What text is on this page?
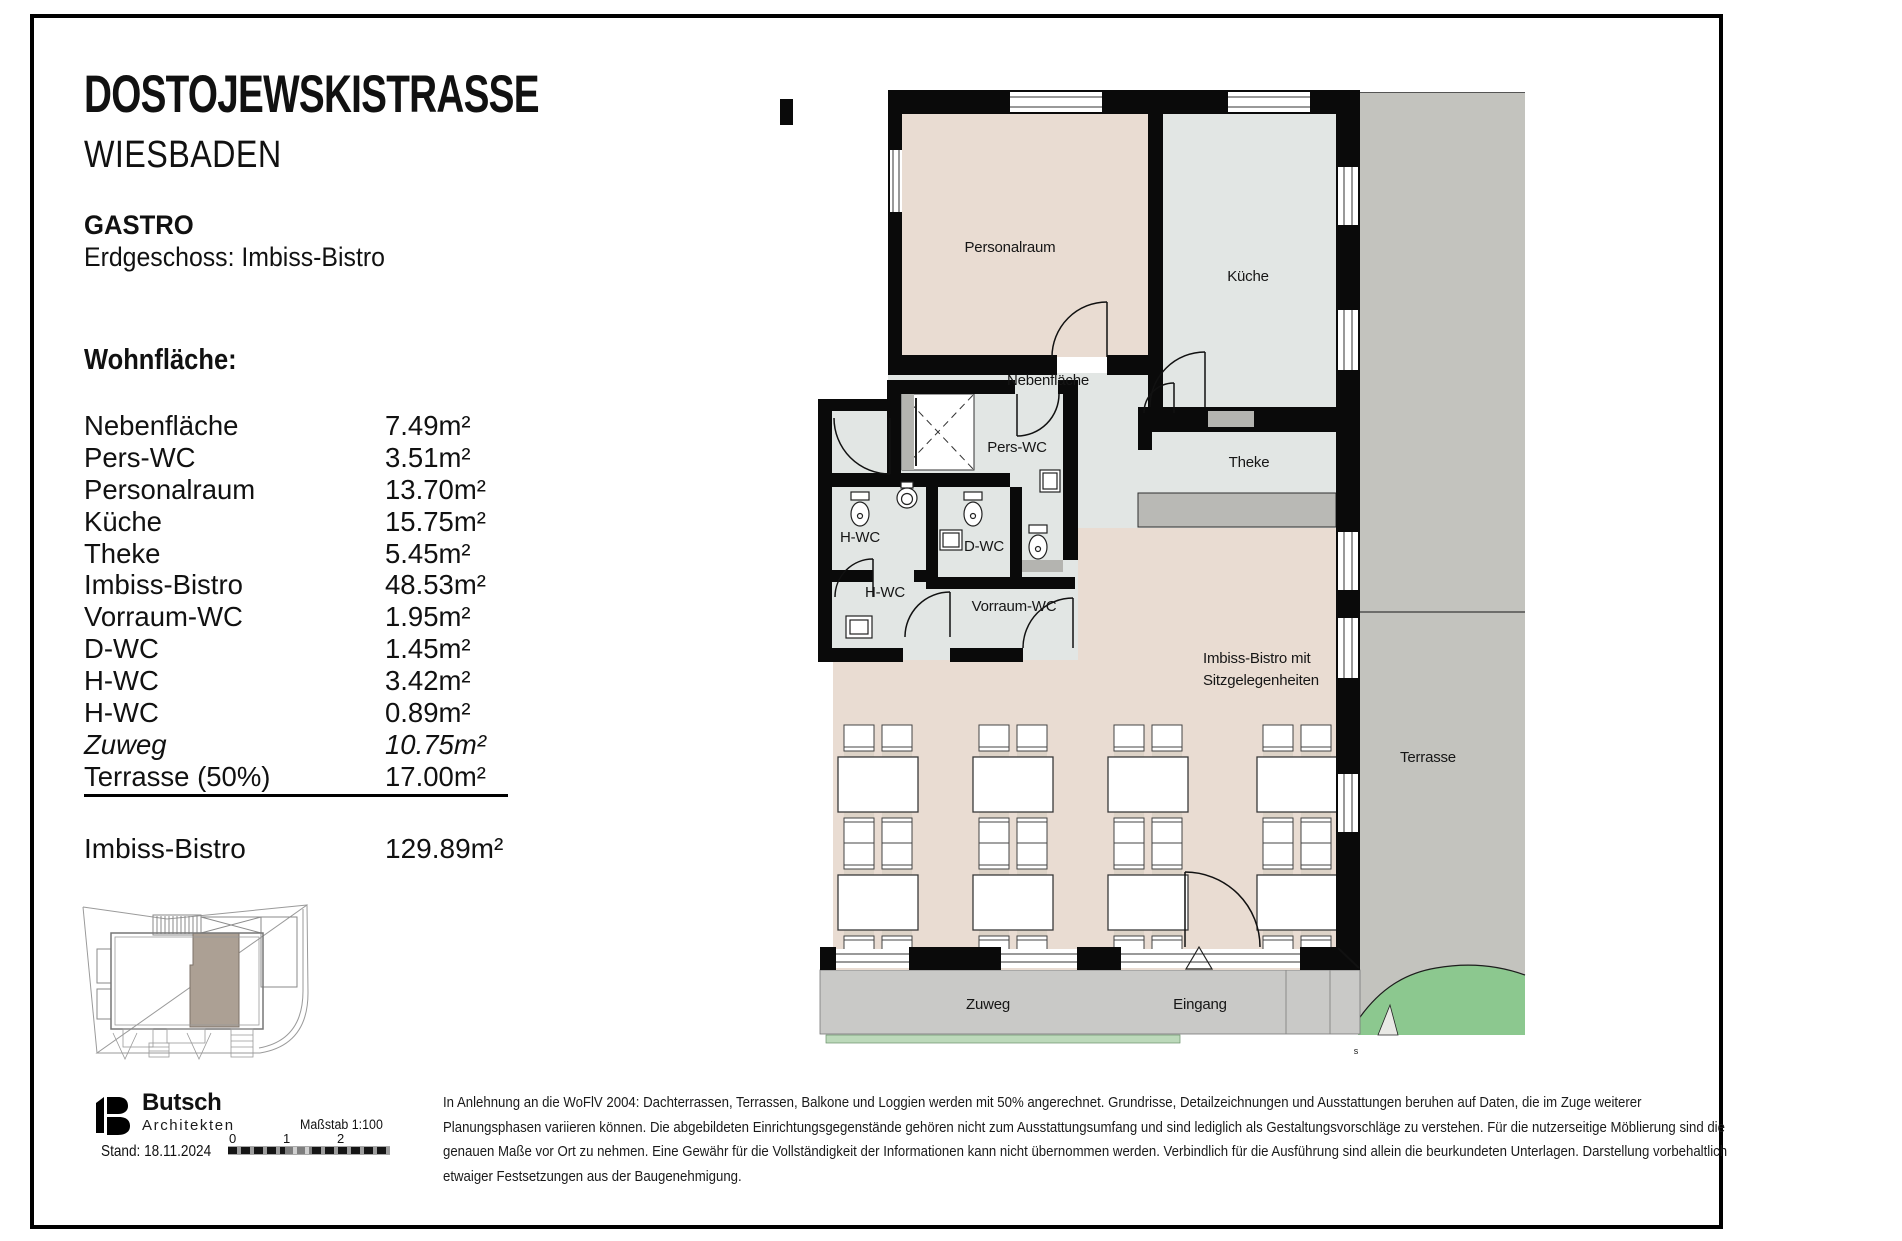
DOSTOJEWSKISTRASSE
WIESBADEN
GASTRO
Erdgeschoss: Imbiss-Bistro
Wohnfläche:
Nebenfläche	7.49m²
Pers-WC	3.51m²
Personalraum	13.70m²
Küche	15.75m²
Theke	5.45m²
Imbiss-Bistro	48.53m²
Vorraum-WC	1.95m²
D-WC	1.45m²
H-WC	3.42m²
H-WC	0.89m²
Zuweg	10.75m²
Terrasse (50%)	17.00m²
Imbiss-Bistro	129.89m²
Personalraum
Küche
Nebenfläche
Pers-WC
Theke
H-WC
D-WC
H-WC
Vorraum-WC
Imbiss-Bistro mit
Sitzgelegenheiten
Terrasse
Zuweg	Eingang
s
Butsch
Architekten
Stand: 18.11.2024
Maßstab 1:100
0	1	2
In Anlehnung an die WoFlV 2004: Dachterrassen, Terrassen, Balkone und Loggien werden mit 50% angerechnet. Grundrisse, Detailzeichnungen und Ausstattungen beruhen auf Daten, die im Zuge weiterer
Planungsphasen variieren können. Die abgebildeten Einrichtungsgegenstände gehören nicht zum Ausstattungsumfang und sind lediglich als Gestaltungsvorschläge zu verstehen. Für die nutzerseitige Möblierung sind die
genauen Maße vor Ort zu nehmen. Eine Gewähr für die Vollständigkeit der Informationen kann nicht übernommen werden. Verbindlich für die Ausführung sind allein die beurkundeten Unterlagen. Darstellung vorbehaltlich
etwaiger Festsetzungen aus der Baugenehmigung.
